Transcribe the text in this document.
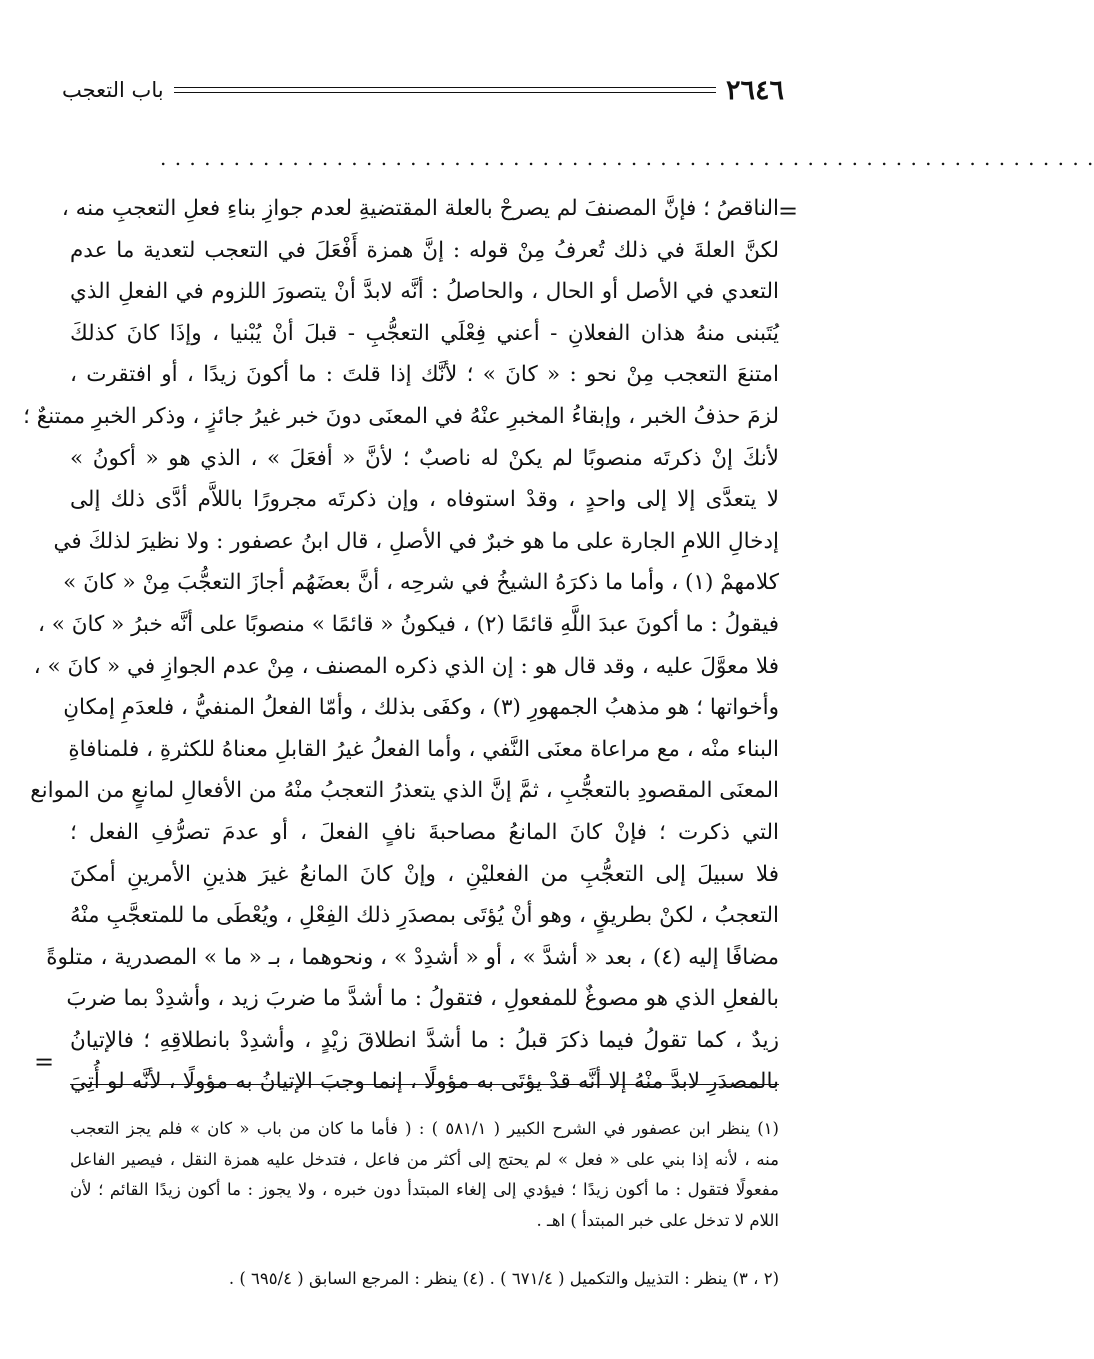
٢٦٤٦
باب التعجب
. . . . . . . . . . . . . . . . . . . . . . . . . . . . . . . . . . . . . . . . . . . . . . . . . . . . . . . . . . . . . . . .
=
الناقصُ ؛ فإنَّ المصنفَ لم يصرحْ بالعلة المقتضيةِ لعدم جوازِ بناءِ فعلِ التعجبِ منه ،
لكنَّ العلةَ في ذلك تُعرفُ مِنْ قوله : إنَّ همزة أَفْعَلَ في التعجب لتعدية ما عدم
التعدي في الأصل أو الحال ، والحاصلُ : أنَّه لابدَّ أنْ يتصورَ اللزوم في الفعلِ الذي
يُتَبنى منهُ هذان الفعلانِ - أعني فِعْلَي التعجُّبِ - قبلَ أنْ يُبْنيا ، وإذَا كانَ كذلكَ
امتنعَ التعجب مِنْ نحو : « كانَ » ؛ لأنَّك إذا قلتَ : ما أكونَ زيدًا ، أو افتقرت ،
لزمَ حذفُ الخبر ، وإبقاءُ المخبرِ عنْهُ في المعنَى دونَ خبر غيرُ جائزٍ ، وذكر الخبرِ ممتنعٌ ؛
لأنكَ إنْ ذكرتَه منصوبًا لم يكنْ له ناصبٌ ؛ لأنَّ « أفعَلَ » ، الذي هو « أكونُ »
لا يتعدَّى إلا إلى واحدٍ ، وقدْ استوفاه ، وإن ذكرتَه مجرورًا باللاَّم أدَّى ذلك إلى
إدخالِ اللامِ الجارة على ما هو خبرٌ في الأصلِ ، قال ابنُ عصفور : ولا نظيرَ لذلكَ في
كلامهمْ (١) ، وأما ما ذكرَهُ الشيخُ في شرحِه ، أنَّ بعضَهُم أجازَ التعجُّبَ مِنْ « كانَ »
فيقولُ : ما أكونَ عبدَ اللَّهِ قائمًا (٢) ، فيكونُ « قائمًا » منصوبًا على أنَّه خبرُ « كانَ » ،
فلا معوَّلَ عليه ، وقد قال هو : إن الذي ذكره المصنف ، مِنْ عدم الجوازِ في « كانَ » ،
وأخواتها ؛ هو مذهبُ الجمهورِ (٣) ، وكفَى بذلك ، وأمّا الفعلُ المنفيُّ ، فلعدَمِ إمكانِ
البناء منْه ، مع مراعاة معنَى النَّفي ، وأما الفعلُ غيرُ القابلِ معناهُ للكثرةِ ، فلمنافاةِ
المعنَى المقصودِ بالتعجُّبِ ، ثمَّ إنَّ الذي يتعذرُ التعجبُ منْهُ من الأفعالِ لمانعٍ من الموانع
التي ذكرت ؛ فإنْ كانَ المانعُ مصاحبةَ نافٍ الفعلَ ، أو عدمَ تصرُّفِ الفعل ؛
فلا سبيلَ إلى التعجُّبِ من الفعليْنِ ، وإنْ كانَ المانعُ غيرَ هذينِ الأمرينِ أمكنَ
التعجبُ ، لكنْ بطريقٍ ، وهو أنْ يُؤتَى بمصدَرِ ذلك الفِعْلِ ، ويُعْطَى ما للمتعجَّبِ منْهُ
مضافًا إليه (٤) ، بعد « أشدَّ » ، أو « أشدِدْ » ، ونحوهما ، بـ « ما » المصدرية ، متلوةً
بالفعلِ الذي هو مصوغٌ للمفعولِ ، فتقولُ : ما أشدَّ ما ضربَ زيد ، وأشدِدْ بما ضربَ
زيدٌ ، كما تقولُ فيما ذكرَ قبلُ : ما أشدَّ انطلاقَ زيْدٍ ، وأشدِدْ بانطلاقِهِ ؛ فالإتيانُ
بالمصدَرِ لابدَّ منْهُ إلا أنَّه قدْ يؤتَى به مؤولًا ، إنما وجبَ الإتيانُ به مؤولًا ، لأنَّه لو أُتِيَ
=
(١) ينظر ابن عصفور في الشرح الكبير ( ٥٨١/١ ) : ( فأما ما كان من باب « كان » فلم يجز التعجب
منه ، لأنه إذا بني على « فعل » لم يحتج إلى أكثر من فاعل ، فتدخل عليه همزة النقل ، فيصير الفاعل
مفعولًا فتقول : ما أكون زيدًا ؛ فيؤدي إلى إلغاء المبتدأ دون خبره ، ولا يجوز : ما أكون زيدًا القائم ؛ لأن
اللام لا تدخل على خبر المبتدأ ) اهـ .
(٢ ، ٣) ينظر : التذييل والتكميل ( ٦٧١/٤ ) . (٤) ينظر : المرجع السابق ( ٦٩٥/٤ ) .
